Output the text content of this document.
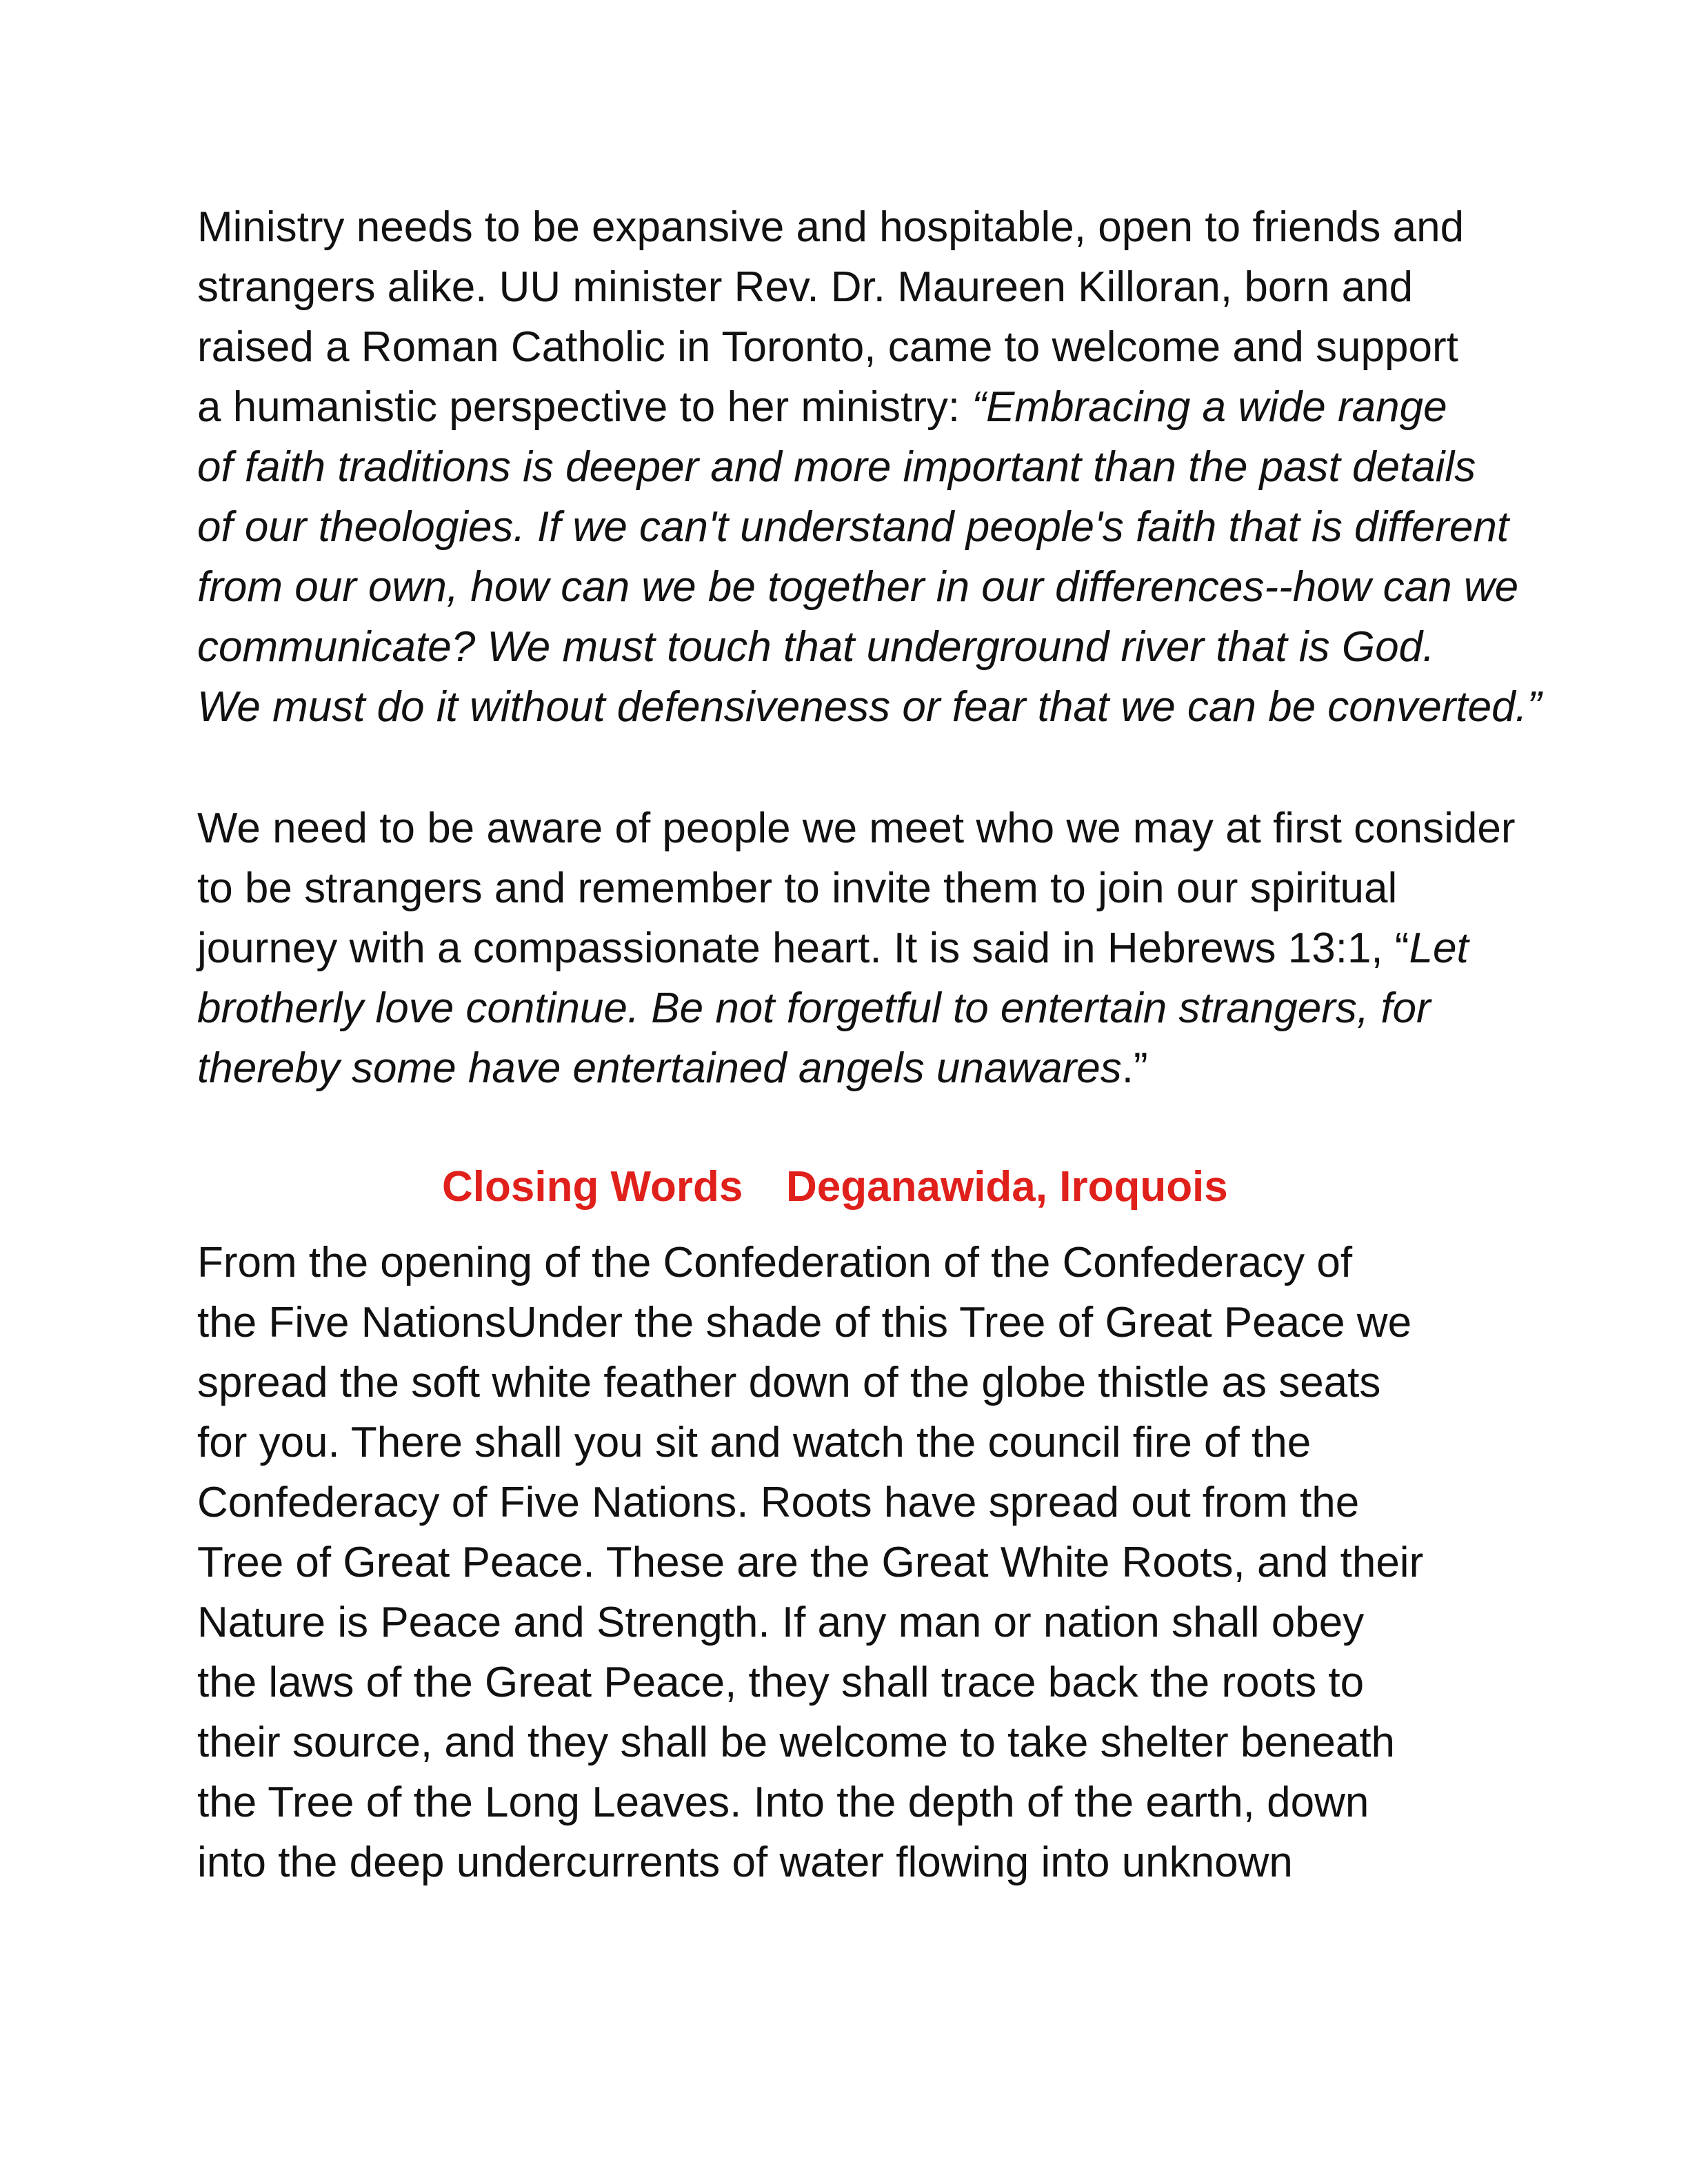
Ministry needs to be expansive and hospitable, open to friends and
strangers alike. UU minister Rev. Dr. Maureen Killoran, born and
raised a Roman Catholic in Toronto, came to welcome and support
a humanistic perspective to her ministry: “Embracing a wide range
of faith traditions is deeper and more important than the past details
of our theologies. If we can't understand people's faith that is different
from our own, how can we be together in our differences--how can we
communicate? We must touch that underground river that is God.
We must do it without defensiveness or fear that we can be converted.”
We need to be aware of people we meet who we may at first consider
to be strangers and remember to invite them to join our spiritual
journey with a compassionate heart. It is said in Hebrews 13:1, “Let
brotherly love continue. Be not forgetful to entertain strangers, for
thereby some have entertained angels unawares.”
Closing Words Deganawida, Iroquois
From the opening of the Confederation of the Confederacy of
the Five NationsUnder the shade of this Tree of Great Peace we
spread the soft white feather down of the globe thistle as seats
for you. There shall you sit and watch the council fire of the
Confederacy of Five Nations. Roots have spread out from the
Tree of Great Peace. These are the Great White Roots, and their
Nature is Peace and Strength. If any man or nation shall obey
the laws of the Great Peace, they shall trace back the roots to
their source, and they shall be welcome to take shelter beneath
the Tree of the Long Leaves. Into the depth of the earth, down
into the deep undercurrents of water flowing into unknown
